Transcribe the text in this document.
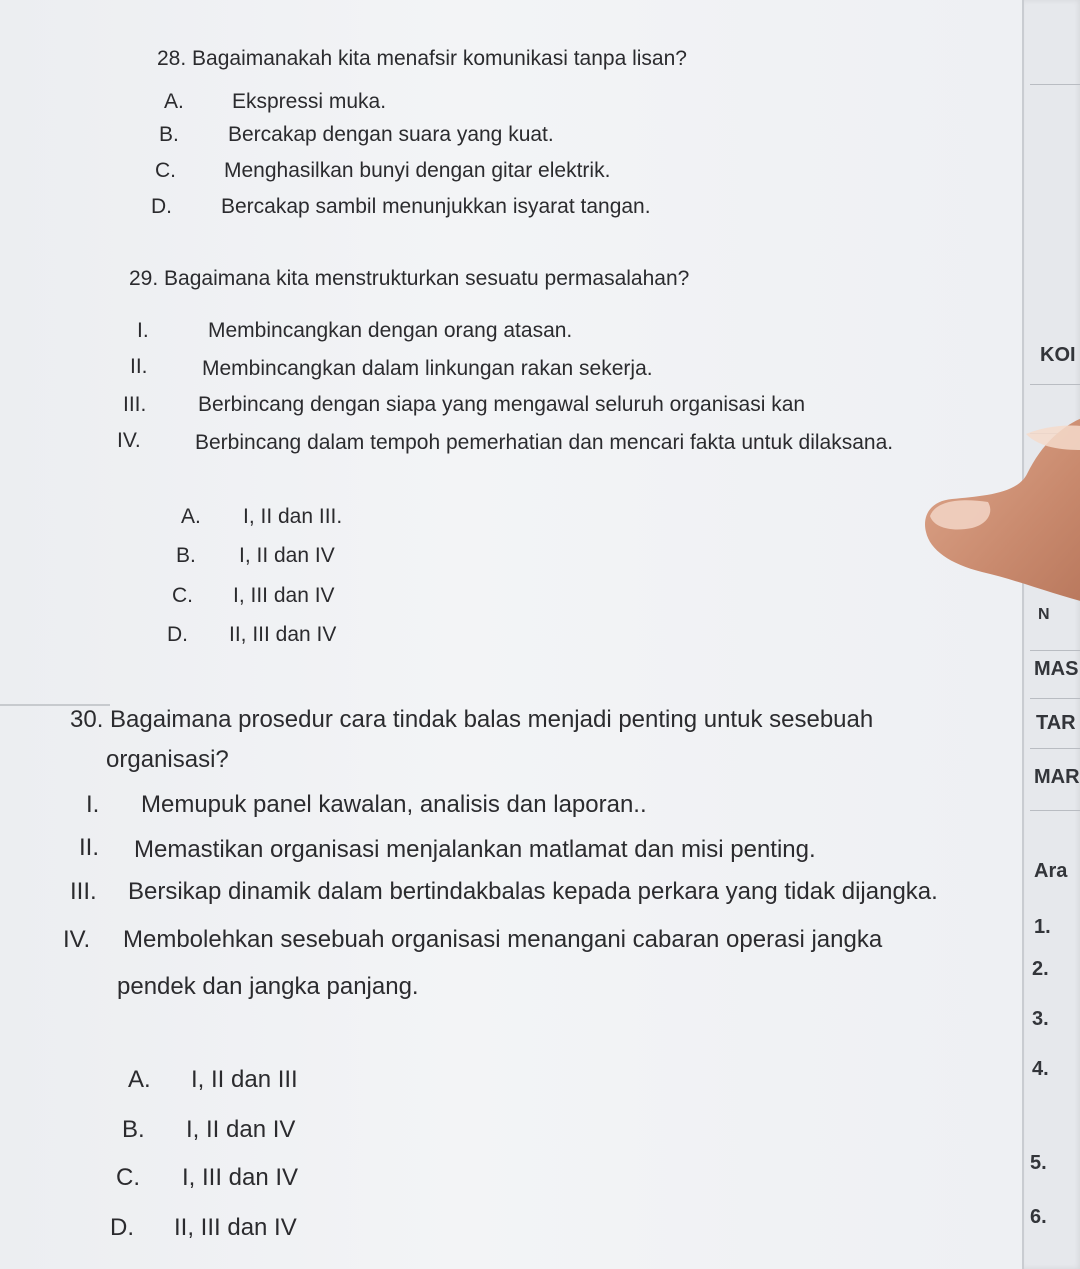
28. Bagaimanakah kita menafsir komunikasi tanpa lisan?
A. Ekspressi muka.
B. Bercakap dengan suara yang kuat.
C. Menghasilkan bunyi dengan gitar elektrik.
D. Bercakap sambil menunjukkan isyarat tangan.
29. Bagaimana kita menstrukturkan sesuatu permasalahan?
I.	Membincangkan dengan orang atasan.
II.	Membincangkan dalam linkungan rakan sekerja.
III. Berbincang dengan siapa yang mengawal seluruh organisasi kan
IV.	Berbincang dalam tempoh pemerhatian dan mencari fakta untuk dilaksana.
A. I, II dan III.
B. I, II dan IV
C. I, III dan IV
D. II, III dan IV
30. Bagaimana prosedur cara tindak balas menjadi penting untuk sesebuah
organisasi?
I. Memupuk panel kawalan, analisis dan laporan..
II. Memastikan organisasi menjalankan matlamat dan misi penting.
III. Bersikap dinamik dalam bertindakbalas kepada perkara yang tidak dijangka.
IV. Membolehkan sesebuah organisasi menangani cabaran operasi jangka
pendek dan jangka panjang.
A. I, II dan III
B. I, II dan IV
C. I, III dan IV
D. II, III dan IV
KOI
N
MAS
TAR
MAR
Ara
1.
2.
3.
4.
5.
6.
